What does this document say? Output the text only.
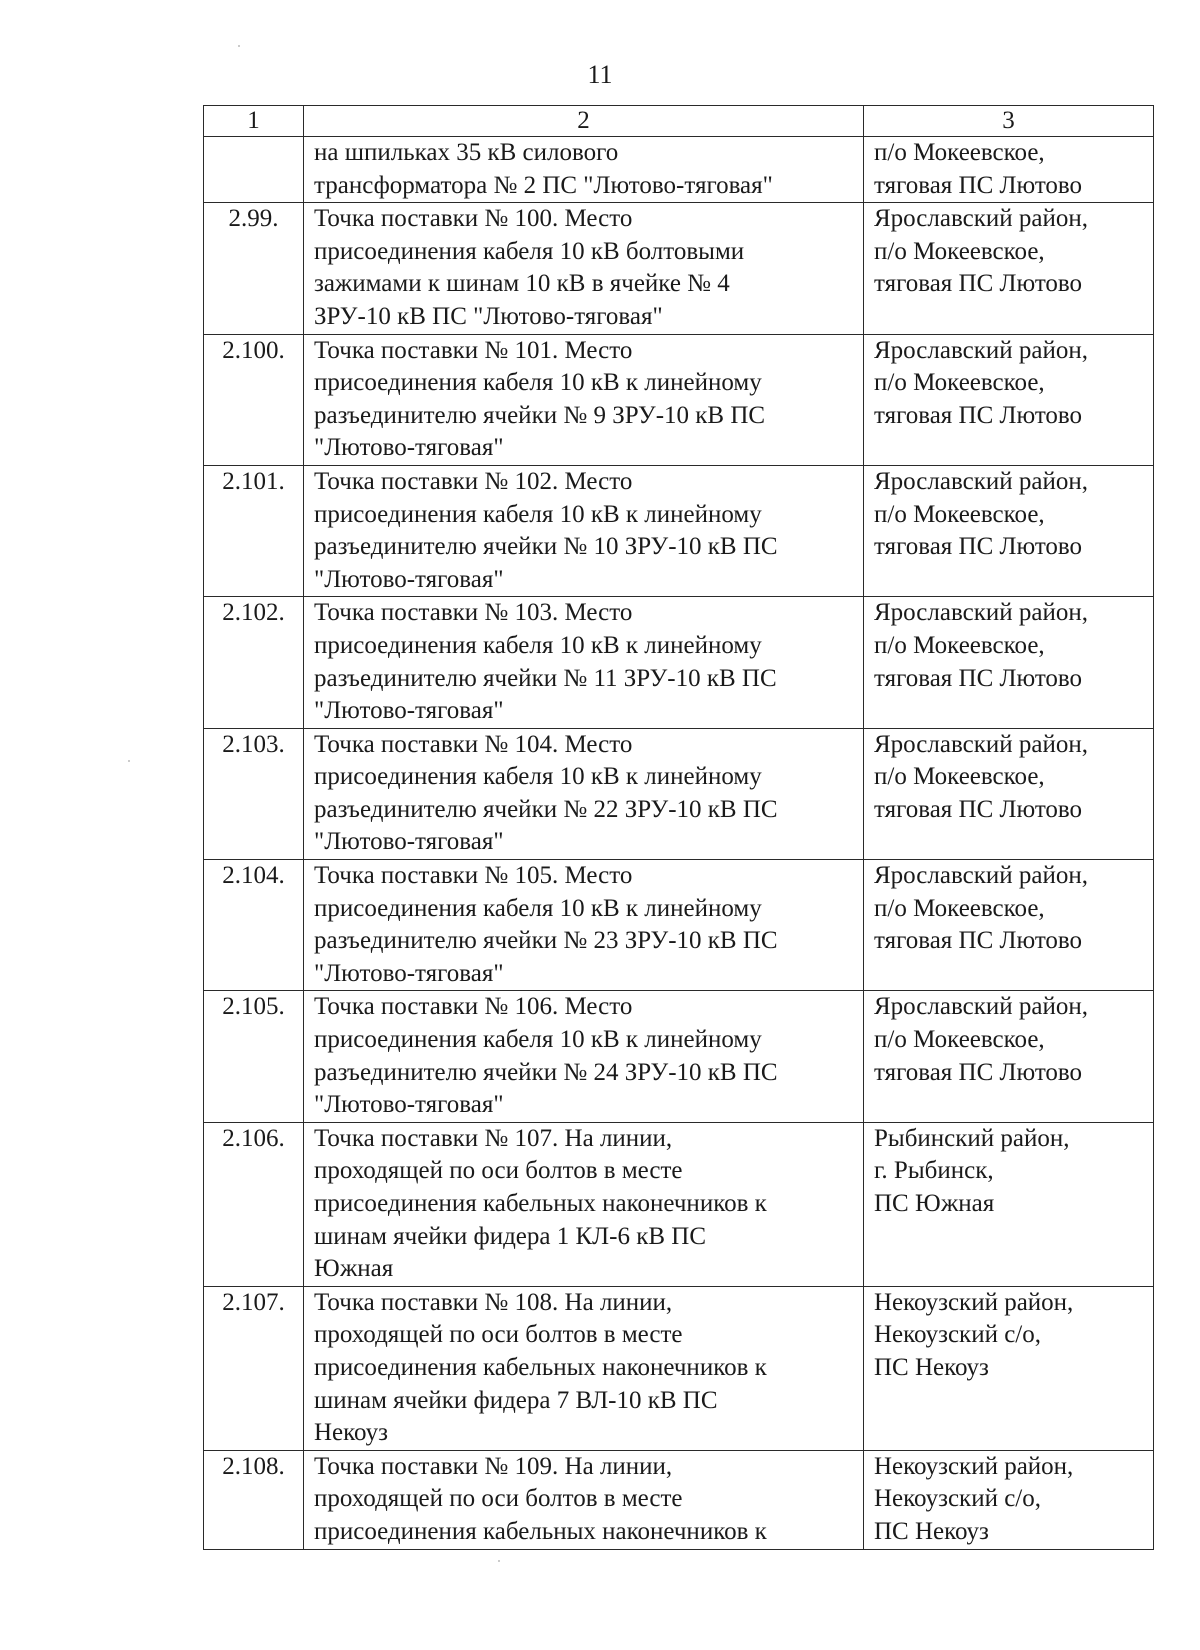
11
1	2	3
	на шпильках 35 кВ силового
трансформатора № 2 ПС "Лютово-тяговая"	п/о Мокеевское,
тяговая ПС Лютово
2.99.	Точка поставки № 100. Место
присоединения кабеля 10 кВ болтовыми
зажимами к шинам 10 кВ в ячейке № 4
ЗРУ-10 кВ ПС "Лютово-тяговая"	Ярославский район,
п/о Мокеевское,
тяговая ПС Лютово
2.100.	Точка поставки № 101. Место
присоединения кабеля 10 кВ к линейному
разъединителю ячейки № 9 ЗРУ-10 кВ ПС
"Лютово-тяговая"	Ярославский район,
п/о Мокеевское,
тяговая ПС Лютово
2.101.	Точка поставки № 102. Место
присоединения кабеля 10 кВ к линейному
разъединителю ячейки № 10 ЗРУ-10 кВ ПС
"Лютово-тяговая"	Ярославский район,
п/о Мокеевское,
тяговая ПС Лютово
2.102.	Точка поставки № 103. Место
присоединения кабеля 10 кВ к линейному
разъединителю ячейки № 11 ЗРУ-10 кВ ПС
"Лютово-тяговая"	Ярославский район,
п/о Мокеевское,
тяговая ПС Лютово
2.103.	Точка поставки № 104. Место
присоединения кабеля 10 кВ к линейному
разъединителю ячейки № 22 ЗРУ-10 кВ ПС
"Лютово-тяговая"	Ярославский район,
п/о Мокеевское,
тяговая ПС Лютово
2.104.	Точка поставки № 105. Место
присоединения кабеля 10 кВ к линейному
разъединителю ячейки № 23 ЗРУ-10 кВ ПС
"Лютово-тяговая"	Ярославский район,
п/о Мокеевское,
тяговая ПС Лютово
2.105.	Точка поставки № 106. Место
присоединения кабеля 10 кВ к линейному
разъединителю ячейки № 24 ЗРУ-10 кВ ПС
"Лютово-тяговая"	Ярославский район,
п/о Мокеевское,
тяговая ПС Лютово
2.106.	Точка поставки № 107. На линии,
проходящей по оси болтов в месте
присоединения кабельных наконечников к
шинам ячейки фидера 1 КЛ-6 кВ ПС
Южная	Рыбинский район,
г. Рыбинск,
ПС Южная
2.107.	Точка поставки № 108. На линии,
проходящей по оси болтов в месте
присоединения кабельных наконечников к
шинам ячейки фидера 7 ВЛ-10 кВ ПС
Некоуз	Некоузский район,
Некоузский с/о,
ПС Некоуз
2.108.	Точка поставки № 109. На линии,
проходящей по оси болтов в месте
присоединения кабельных наконечников к	Некоузский район,
Некоузский с/о,
ПС Некоуз
